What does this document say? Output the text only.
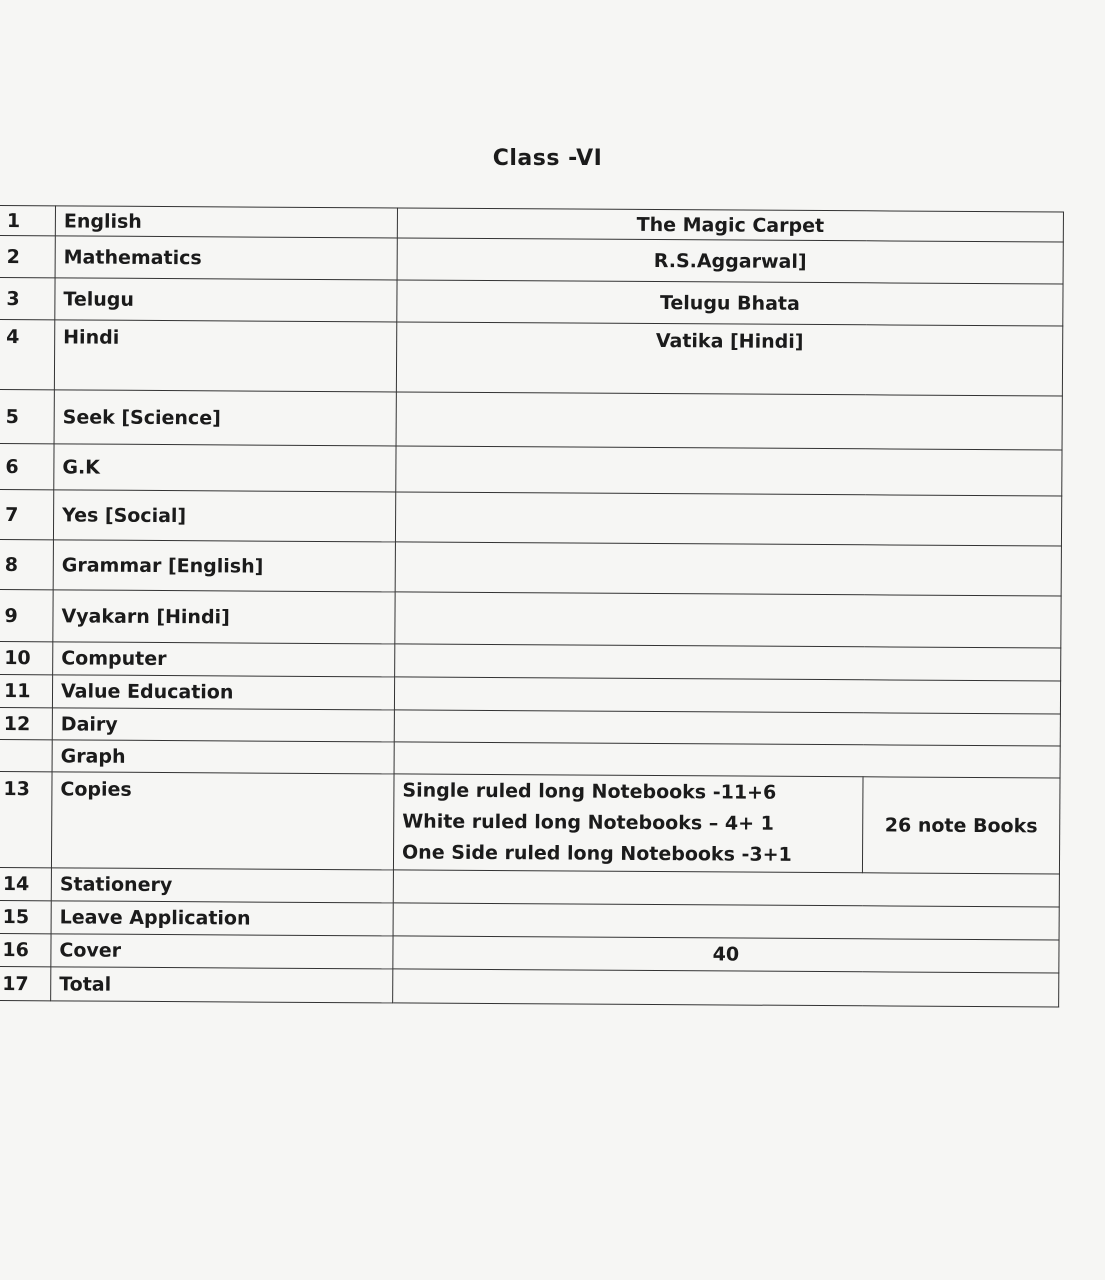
Class -VI
1	English	The Magic Carpet	
2	Mathematics	R.S.Aggarwal]	
3	Telugu	Telugu Bhata	
4	Hindi	Vatika [Hindi]	
5	Seek [Science]		
6	G.K		
7	Yes [Social]		
8	Grammar [English]		
9	Vyakarn [Hindi]		
10	Computer		
11	Value Education		
12	Dairy		
	Graph		
13	Copies	Single ruled long Notebooks -11+6
White ruled long Notebooks – 4+ 1
One Side ruled long Notebooks -3+1	26 note Books
14	Stationery		
15	Leave Application		
16	Cover	40	
17	Total		
